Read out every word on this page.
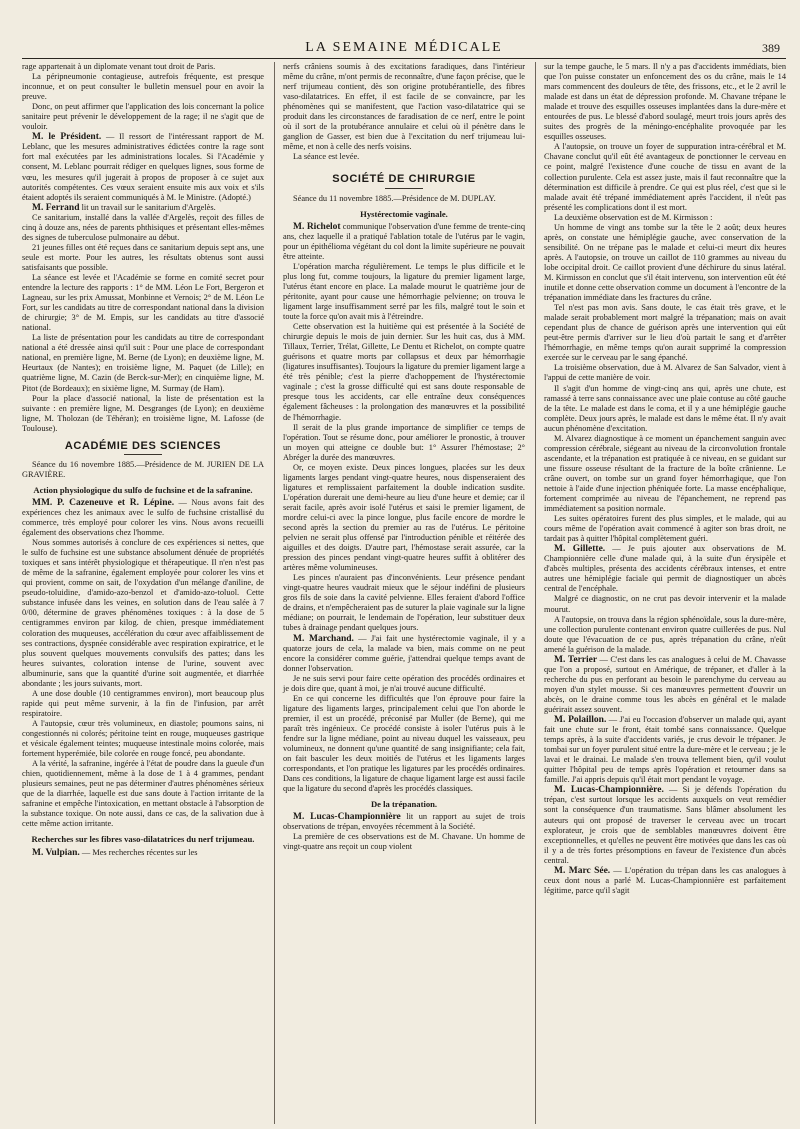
LA SEMAINE MÉDICALE	389

rage appartenait à un diplomate venant tout droit de Paris.

La péripneumonie contagieuse, autrefois fréquente, est presque inconnue, et on peut consulter le bulletin mensuel pour en avoir la preuve.

Donc, on peut affirmer que l'application des lois concernant la police sanitaire peut prévenir le développement de la rage; il ne s'agit que de vouloir.

M. le Président. — Il ressort de l'intéressant rapport de M. Leblanc, que les mesures administratives édictées contre la rage sont fort mal exécutées par les administrations locales. Si l'Académie y consent, M. Leblanc pourrait rédiger en quelques lignes, sous forme de vœu, les mesures qu'il jugerait à propos de proposer à ce sujet aux autorités compétentes. Ces vœux seraient ensuite mis aux voix et s'ils étaient adoptés ils seraient communiqués à M. le Ministre. (Adopté.)

M. Ferrand lit un travail sur le sanitarium d'Argelès.

Ce sanitarium, installé dans la vallée d'Argelès, reçoit des filles de cinq à douze ans, nées de parents phthisiques et présentant elles-mêmes des signes de tuberculose pulmonaire au début.

21 jeunes filles ont été reçues dans ce sanitarium depuis sept ans, une seule est morte. Pour les autres, les résultats obtenus sont aussi satisfaisants que possible.

La séance est levée et l'Académie se forme en comité secret pour entendre la lecture des rapports : 1° de MM. Léon Le Fort, Bergeron et Lagneau, sur les prix Amussat, Monbinne et Vernois; 2° de M. Léon Le Fort, sur les candidats au titre de correspondant national dans la division de chirurgie; 3° de M. Empis, sur les candidats au titre d'associé national.

La liste de présentation pour les candidats au titre de correspondant national a été dressée ainsi qu'il suit : Pour une place de correspondant national, en première ligne, M. Berne (de Lyon); en deuxième ligne, M. Heurtaux (de Nantes); en troisième ligne, M. Paquet (de Lille); en quatrième ligne, M. Cazin (de Berck-sur-Mer); en cinquième ligne, M. Pitot (de Bordeaux); en sixième ligne, M. Surmay (de Ham).

Pour la place d'associé national, la liste de présentation est la suivante : en première ligne, M. Desgranges (de Lyon); en deuxième ligne, M. Tholozan (de Téhéran); en troisième ligne, M. Lafosse (de Toulouse).

ACADÉMIE DES SCIENCES

Séance du 16 novembre 1885.—Présidence de M. JURIEN DE LA GRAVIÈRE.

Action physiologique du sulfo de fuchsine et de la safranine.

MM. P. Cazeneuve et R. Lépine. — Nous avons fait des expériences chez les animaux avec le sulfo de fuchsine cristallisé du commerce, très employé pour colorer les vins. Nous avons recueilli également des observations chez l'homme.

Nous sommes autorisés à conclure de ces expériences si nettes, que le sulfo de fuchsine est une substance absolument dénuée de propriétés toxiques et sans intérêt physiologique et thérapeutique. Il n'en n'est pas de même de la safranine, également employée pour colorer les vins et qui provient, comme on sait, de l'oxydation d'un mélange d'aniline, de pseudo-toluidine, d'amido-azo-benzol et d'amido-azo-toluol. Cette substance infusée dans les veines, en solution dans de l'eau salée à 7 0/00, détermine de graves phénomènes toxiques : à la dose de 5 centigrammes environ par kilog. de chien, presque immédiatement coloration des muqueuses, accélération du cœur avec affaiblissement de ses contractions, dyspnée considérable avec respiration expiratrice, et le plus souvent quelques mouvements convulsifs des pattes; dans les heures suivantes, coloration intense de l'urine, souvent avec albuminurie, sans que la quantité d'urine soit augmentée, et diarrhée abondante ; les jours suivants, mort.

A une dose double (10 centigrammes environ), mort beaucoup plus rapide qui peut même survenir, à la fin de l'infusion, par arrêt respiratoire.

A l'autopsie, cœur très volumineux, en diastole; poumons sains, ni congestionnés ni colorés; péritoine teint en rouge, muqueuses gastrique et vésicale également teintes; muqueuse intestinale moins colorée, mais fortement hyperémiée, bile colorée en rouge foncé, peu abondante.

A la vérité, la safranine, ingérée à l'état de poudre dans la gueule d'un chien, quotidiennement, même à la dose de 1 à 4 grammes, pendant plusieurs semaines, peut ne pas déterminer d'autres phénomènes sérieux que de la diarrhée, laquelle est due sans doute à l'action irritante de la safranine et empêche l'intoxication, en mettant obstacle à l'absorption de la substance toxique. On note aussi, dans ce cas, de la salivation due à cette même action irritante.

Recherches sur les fibres vaso-dilatatrices du nerf trijumeau.

M. Vulpian. — Mes recherches récentes sur les

nerfs crâniens soumis à des excitations faradiques, dans l'intérieur même du crâne, m'ont permis de reconnaître, d'une façon précise, que le nerf trijumeau contient, dès son origine protubérantielle, des fibres vaso-dilatatrices. En effet, il est facile de se convaincre, par les phénomènes qui se manifestent, que l'action vaso-dilatatrice qui se produit dans les circonstances de faradisation de ce nerf, entre le point où il sort de la protubérance annulaire et celui où il pénètre dans le ganglion de Gasser, est bien due à l'excitation du nerf trijumeau lui-même, et non à celle des nerfs voisins.

La séance est levée.

SOCIÉTÉ DE CHIRURGIE

Séance du 11 novembre 1885.—Présidence de M. DUPLAY.

Hystérectomie vaginale.

M. Richelot communique l'observation d'une femme de trente-cinq ans, chez laquelle il a pratiqué l'ablation totale de l'utérus par le vagin, pour un épithélioma végétant du col dont la limite supérieure ne pouvait être atteinte.

L'opération marcha régulièrement. Le temps le plus difficile et le plus long fut, comme toujours, la ligature du premier ligament large, l'utérus étant encore en place. La malade mourut le quatrième jour de péritonite, ayant pour cause une hémorrhagie pelvienne; on trouva le ligament large insuffisamment serré par les fils, malgré tout le soin et toute la force qu'on avait mis à l'étreindre.

Cette observation est la huitième qui est présentée à la Société de chirurgie depuis le mois de juin dernier. Sur les huit cas, dus à MM. Tillaux, Terrier, Trélat, Gillette, Le Dentu et Richelot, on compte quatre guérisons et quatre morts par collapsus et deux par hémorrhagie (ligatures insuffisantes). Toujours la ligature du premier ligament large a été très pénible; c'est la pierre d'achoppement de l'hystérectomie vaginale ; c'est la grosse difficulté qui est sans doute responsable de presque tous les accidents, car elle entraîne deux conséquences également fâcheuses : la prolongation des manœuvres et la possibilité de l'hémorrhagie.

Il serait de la plus grande importance de simplifier ce temps de l'opération. Tout se résume donc, pour améliorer le pronostic, à trouver un moyen qui atteigne ce double but: 1° Assurer l'hémostase; 2° Abréger la durée des manœuvres.

Or, ce moyen existe. Deux pinces longues, placées sur les deux ligaments larges pendant vingt-quatre heures, nous dispenseraient des ligatures et remplissaient parfaitement la double indication susdite. L'opération durerait une demi-heure au lieu d'une heure et demie; car il serait facile, après avoir isolé l'utérus et saisi le premier ligament, de mordre celui-ci avec la pince longue, plus facile encore de mordre le second après la section du premier au ras de l'utérus. Le péritoine pelvien ne serait plus offensé par l'introduction pénible et réitérée des aiguilles et des doigts. D'autre part, l'hémostase serait assurée, car la pression des pinces pendant vingt-quatre heures suffit à oblitérer des artères même volumineuses.

Les pinces n'auraient pas d'inconvénients. Leur présence pendant vingt-quatre heures vaudrait mieux que le séjour indéfini de plusieurs gros fils de soie dans la cavité pelvienne. Elles feraient d'abord l'office de drains, et n'empêcheraient pas de suturer la plaie vaginale sur la ligne médiane; on pourrait, le lendemain de l'opération, leur substituer deux tubes à drainage pendant quelques jours.

M. Marchand. — J'ai fait une hystérectomie vaginale, il y a quatorze jours de cela, la malade va bien, mais comme on ne peut encore la considérer comme guérie, j'attendrai quelque temps avant de donner l'observation.

Je ne suis servi pour faire cette opération des procédés ordinaires et je dois dire que, quant à moi, je n'ai trouvé aucune difficulté.

En ce qui concerne les difficultés que l'on éprouve pour faire la ligature des ligaments larges, principalement celui que l'on aborde le premier, il est un procédé, préconisé par Muller (de Berne), qui me paraît très ingénieux. Ce procédé consiste à isoler l'utérus puis à le fendre sur la ligne médiane, point au niveau duquel les vaisseaux, peu volumineux, ne donnent qu'une quantité de sang insignifiante; cela fait, on fait basculer les deux moitiés de l'utérus et les ligaments larges correspondants, et l'on pratique les ligatures par les procédés ordinaires. Dans ces conditions, la ligature de chaque ligament large est aussi facile que la ligature du second d'après les procédés classiques.

De la trépanation.

M. Lucas-Championnière lit un rapport au sujet de trois observations de trépan, envoyées récemment à la Société.

La première de ces observations est de M. Chavane. Un homme de vingt-quatre ans reçoit un coup violent

sur la tempe gauche, le 5 mars. Il n'y a pas d'accidents immédiats, bien que l'on puisse constater un enfoncement des os du crâne, mais le 14 mars commencent des douleurs de tête, des frissons, etc., et le 2 avril le malade est dans un état de dépression profonde. M. Chavane trépane le malade et trouve des esquilles osseuses implantées dans la dure-mère et entourées de pus. Le blessé d'abord soulagé, meurt trois jours après des suites des progrès de la méningo-encéphalite provoquée par les esquilles osseuses.

A l'autopsie, on trouve un foyer de suppuration intra-cérébral et M. Chavane conclut qu'il eût été avantageux de ponctionner le cerveau en ce point, malgré l'existence d'une couche de tissu en avant de la collection purulente. Cela est assez juste, mais il faut reconnaître que la détermination est difficile à prendre. Ce qui est plus réel, c'est que si le malade avait été trépané immédiatement après l'accident, il n'eût pas présenté les complications dont il est mort.

La deuxième observation est de M. Kirmisson :

Un homme de vingt ans tombe sur la tête le 2 août; deux heures après, on constate une hémiplégie gauche, avec conservation de la sensibilité. On ne trépane pas le malade et celui-ci meurt dix heures après. A l'autopsie, on trouve un caillot de 110 grammes au niveau du lobe occipital droit. Ce caillot provient d'une déchirure du sinus latéral. M. Kirmisson en conclut que s'il était intervenu, son intervention eût été inutile et donne cette observation comme un document à l'encontre de la trépanation immédiate dans les fractures du crâne.

Tel n'est pas mon avis. Sans doute, le cas était très grave, et le malade serait probablement mort malgré la trépanation; mais on avait cependant plus de chance de guérison après une intervention qui eût peut-être permis d'arriver sur le lieu d'où partait le sang et d'arrêter l'hémorrhagie, en même temps qu'on aurait supprimé la compression exercée sur le cerveau par le sang épanché.

La troisième observation, due à M. Alvarez de San Salvador, vient à l'appui de cette manière de voir.

Il s'agit d'un homme de vingt-cinq ans qui, après une chute, est ramassé à terre sans connaissance avec une plaie contuse au côté gauche de la tête. Le malade est dans le coma, et il y a une hémiplégie gauche complète. Deux jours après, le malade est dans le même état. Il n'y avait aucun phénomène d'excitation.

M. Alvarez diagnostique à ce moment un épanchement sanguin avec compression cérébrale, siégeant au niveau de la circonvolution frontale ascendante, et la trépanation est pratiquée à ce niveau, en se guidant sur une fissure osseuse résultant de la fracture de la boîte crânienne. Le crâne ouvert, on tombe sur un grand foyer hémorrhagique, que l'on nettoie à l'aide d'une injection phéniquée forte. La masse encéphalique, fortement comprimée au niveau de l'épanchement, ne reprend pas immédiatement sa position normale.

Les suites opératoires furent des plus simples, et le malade, qui au cours même de l'opération avait commencé à agiter son bras droit, ne tardait pas à quitter l'hôpital complètement guéri.

M. Gillette. — Je puis ajouter aux observations de M. Championnière celle d'une malade qui, à la suite d'un érysipèle et d'abcès multiples, présenta des accidents cérébraux intenses, et entre autres une hémiplégie faciale qui permit de diagnostiquer un abcès central de l'encéphale.

Malgré ce diagnostic, on ne crut pas devoir intervenir et la malade mourut.

A l'autopsie, on trouva dans la région sphénoïdale, sous la dure-mère, une collection purulente contenant environ quatre cuillerées de pus. Nul doute que l'évacuation de ce pus, après trépanation du crâne, n'eût amené la guérison de la malade.

M. Terrier — C'est dans les cas analogues à celui de M. Chavasse que l'on a proposé, surtout en Amérique, de trépaner, et d'aller à la recherche du pus en perforant au besoin le parenchyme du cerveau au moyen d'un stylet mousse. Si ces manœuvres permettent d'ouvrir un abcès, on le draine comme tous les abcès en général et le malade guérirait assez souvent.

M. Polaillon. — J'ai eu l'occasion d'observer un malade qui, ayant fait une chute sur le front, était tombé sans connaissance. Quelque temps après, à la suite d'accidents variés, je crus devoir le trépaner. Je tombai sur un foyer purulent situé entre la dure-mère et le cerveau ; je le lavai et le drainai. Le malade s'en trouva tellement bien, qu'il voulut quitter l'hôpital peu de temps après l'opération et retourner dans sa famille. J'ai appris depuis qu'il était mort pendant le voyage.

M. Lucas-Championnière. — Si je défends l'opération du trépan, c'est surtout lorsque les accidents auxquels on veut remédier sont la conséquence d'un traumatisme. Sans blâmer absolument les auteurs qui ont proposé de traverser le cerveau avec un trocart explorateur, je crois que de semblables manœuvres doivent être exceptionnelles, et qu'elles ne peuvent être motivées que dans les cas où il y a de très fortes présomptions en faveur de l'existence d'un abcès central.

M. Marc Sée. — L'opération du trépan dans les cas analogues à ceux dont nous a parlé M. Lucas-Championnière est parfaitement légitime, parce qu'il s'agit
